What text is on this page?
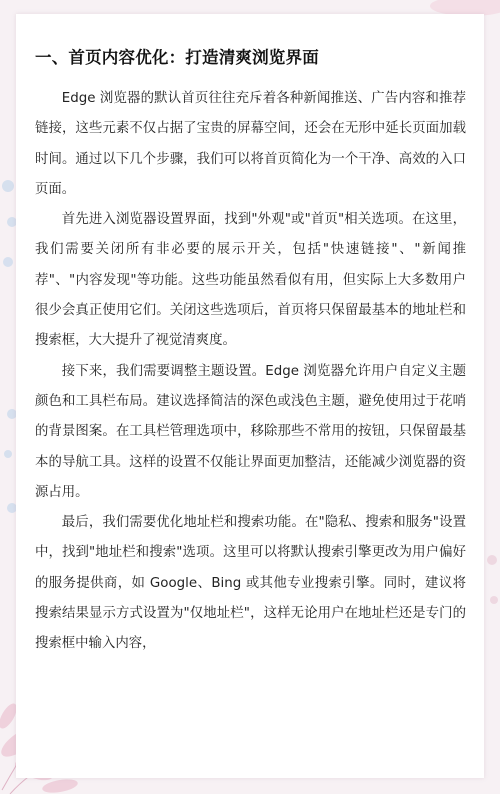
一、首页内容优化：打造清爽浏览界面

Edge 浏览器的默认首页往往充斥着各种新闻推送、广告内容和推荐链接，这些元素不仅占据了宝贵的屏幕空间，还会在无形中延长页面加载时间。通过以下几个步骤，我们可以将首页简化为一个干净、高效的入口页面。

首先进入浏览器设置界面，找到"外观"或"首页"相关选项。在这里，我们需要关闭所有非必要的展示开关，包括"快速链接"、"新闻推荐"、"内容发现"等功能。这些功能虽然看似有用，但实际上大多数用户很少会真正使用它们。关闭这些选项后，首页将只保留最基本的地址栏和搜索框，大大提升了视觉清爽度。

接下来，我们需要调整主题设置。Edge 浏览器允许用户自定义主题颜色和工具栏布局。建议选择简洁的深色或浅色主题，避免使用过于花哨的背景图案。在工具栏管理选项中，移除那些不常用的按钮，只保留最基本的导航工具。这样的设置不仅能让界面更加整洁，还能减少浏览器的资源占用。

最后，我们需要优化地址栏和搜索功能。在"隐私、搜索和服务"设置中，找到"地址栏和搜索"选项。这里可以将默认搜索引擎更改为用户偏好的服务提供商，如 Google、Bing 或其他专业搜索引擎。同时，建议将搜索结果显示方式设置为"仅地址栏"，这样无论用户在地址栏还是专门的搜索框中输入内容，
